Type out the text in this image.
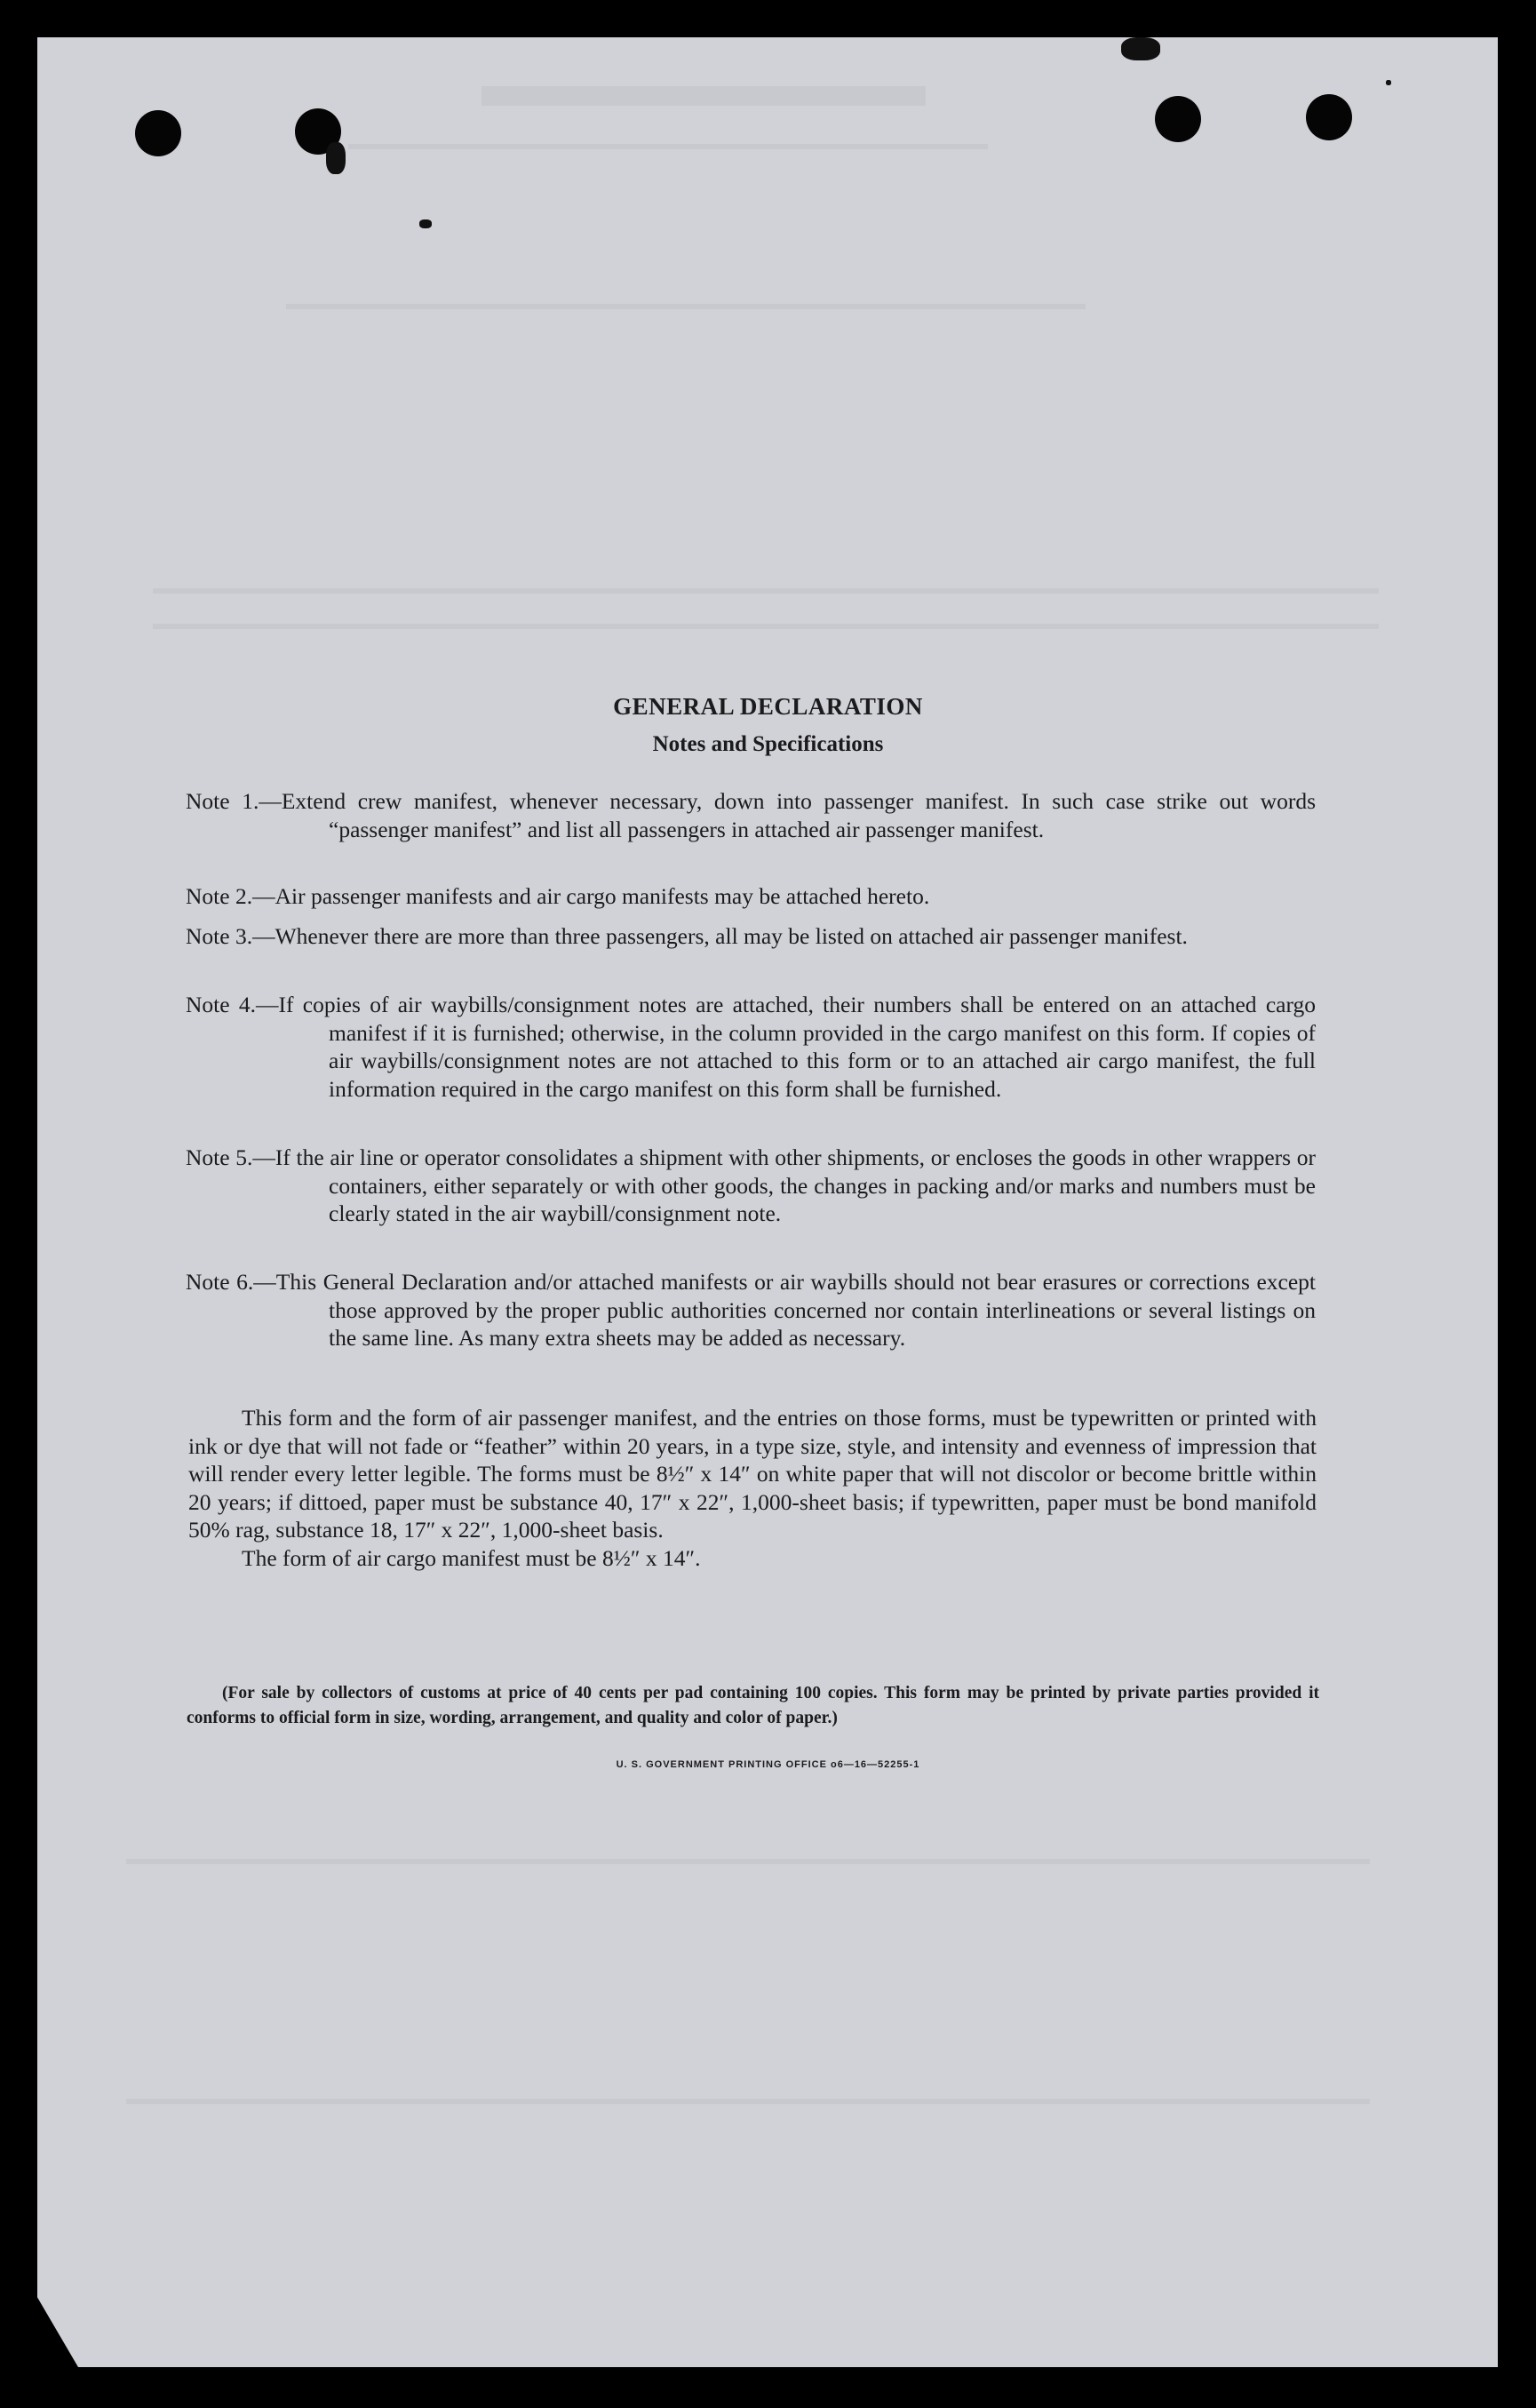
GENERAL DECLARATION
Notes and Specifications
Note 1.—Extend crew manifest, whenever necessary, down into passenger manifest. In such case strike out words “passenger manifest” and list all passengers in attached air passenger manifest.
Note 2.—Air passenger manifests and air cargo manifests may be attached hereto.
Note 3.—Whenever there are more than three passengers, all may be listed on attached air passenger manifest.
Note 4.—If copies of air waybills/consignment notes are attached, their numbers shall be entered on an attached cargo manifest if it is furnished; otherwise, in the column provided in the cargo manifest on this form. If copies of air waybills/consignment notes are not attached to this form or to an attached air cargo manifest, the full information required in the cargo manifest on this form shall be furnished.
Note 5.—If the air line or operator consolidates a shipment with other shipments, or encloses the goods in other wrappers or containers, either separately or with other goods, the changes in packing and/or marks and numbers must be clearly stated in the air waybill/consignment note.
Note 6.—This General Declaration and/or attached manifests or air waybills should not bear erasures or corrections except those approved by the proper public authorities concerned nor contain interlineations or several listings on the same line. As many extra sheets may be added as necessary.

This form and the form of air passenger manifest, and the entries on those forms, must be typewritten or printed with ink or dye that will not fade or “feather” within 20 years, in a type size, style, and intensity and evenness of impression that will render every letter legible. The forms must be 8½″ x 14″ on white paper that will not discolor or become brittle within 20 years; if dittoed, paper must be substance 40, 17″ x 22″, 1,000-sheet basis; if typewritten, paper must be bond manifold 50% rag, substance 18, 17″ x 22″, 1,000-sheet basis.

The form of air cargo manifest must be 8½″ x 14″.

(For sale by collectors of customs at price of 40 cents per pad containing 100 copies. This form may be printed by private parties provided it conforms to official form in size, wording, arrangement, and quality and color of paper.)

U. S. GOVERNMENT PRINTING OFFICE o6—16—52255-1
